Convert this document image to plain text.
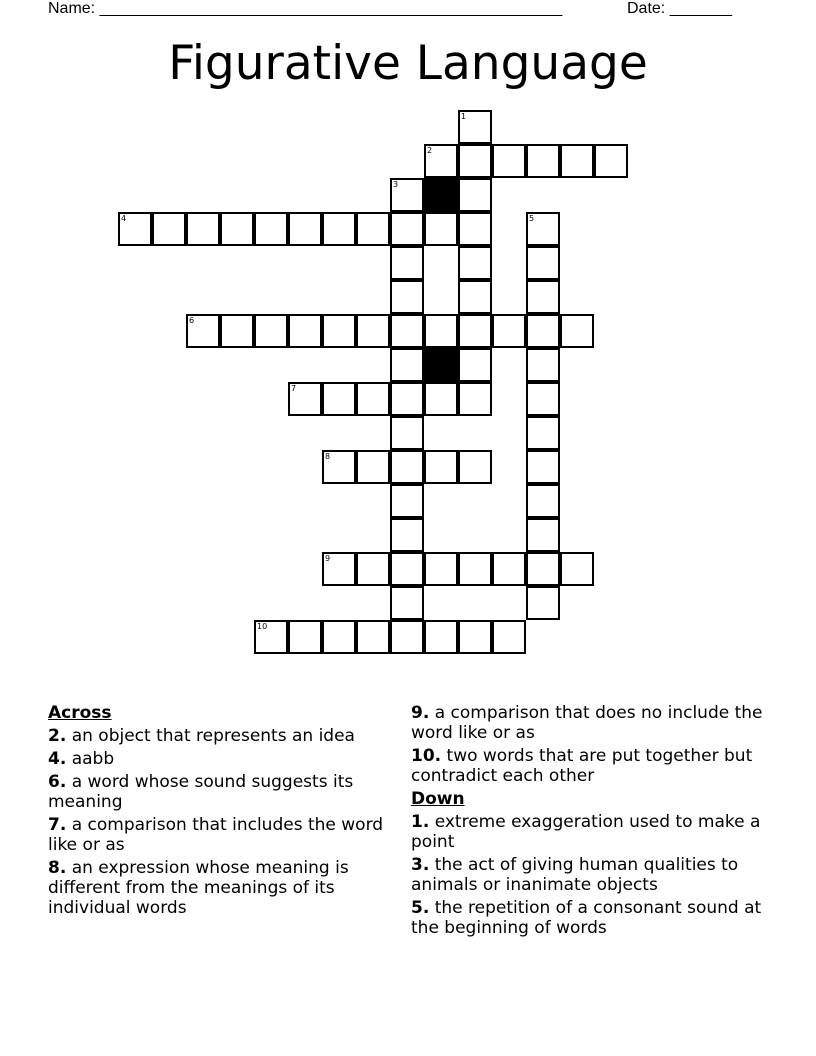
Name: ____________________________________________________	Date: _______
Figurative Language
1
2
3
4	5
6
7
8
9
10
Across
2. an object that represents an idea
4. aabb
6. a word whose sound suggests its meaning
7. a comparison that includes the word like or as
8. an expression whose meaning is different from the meanings of its individual words
9. a comparison that does no include the word like or as
10. two words that are put together but contradict each other
Down
1. extreme exaggeration used to make a point
3. the act of giving human qualities to animals or inanimate objects
5. the repetition of a consonant sound at the beginning of words
